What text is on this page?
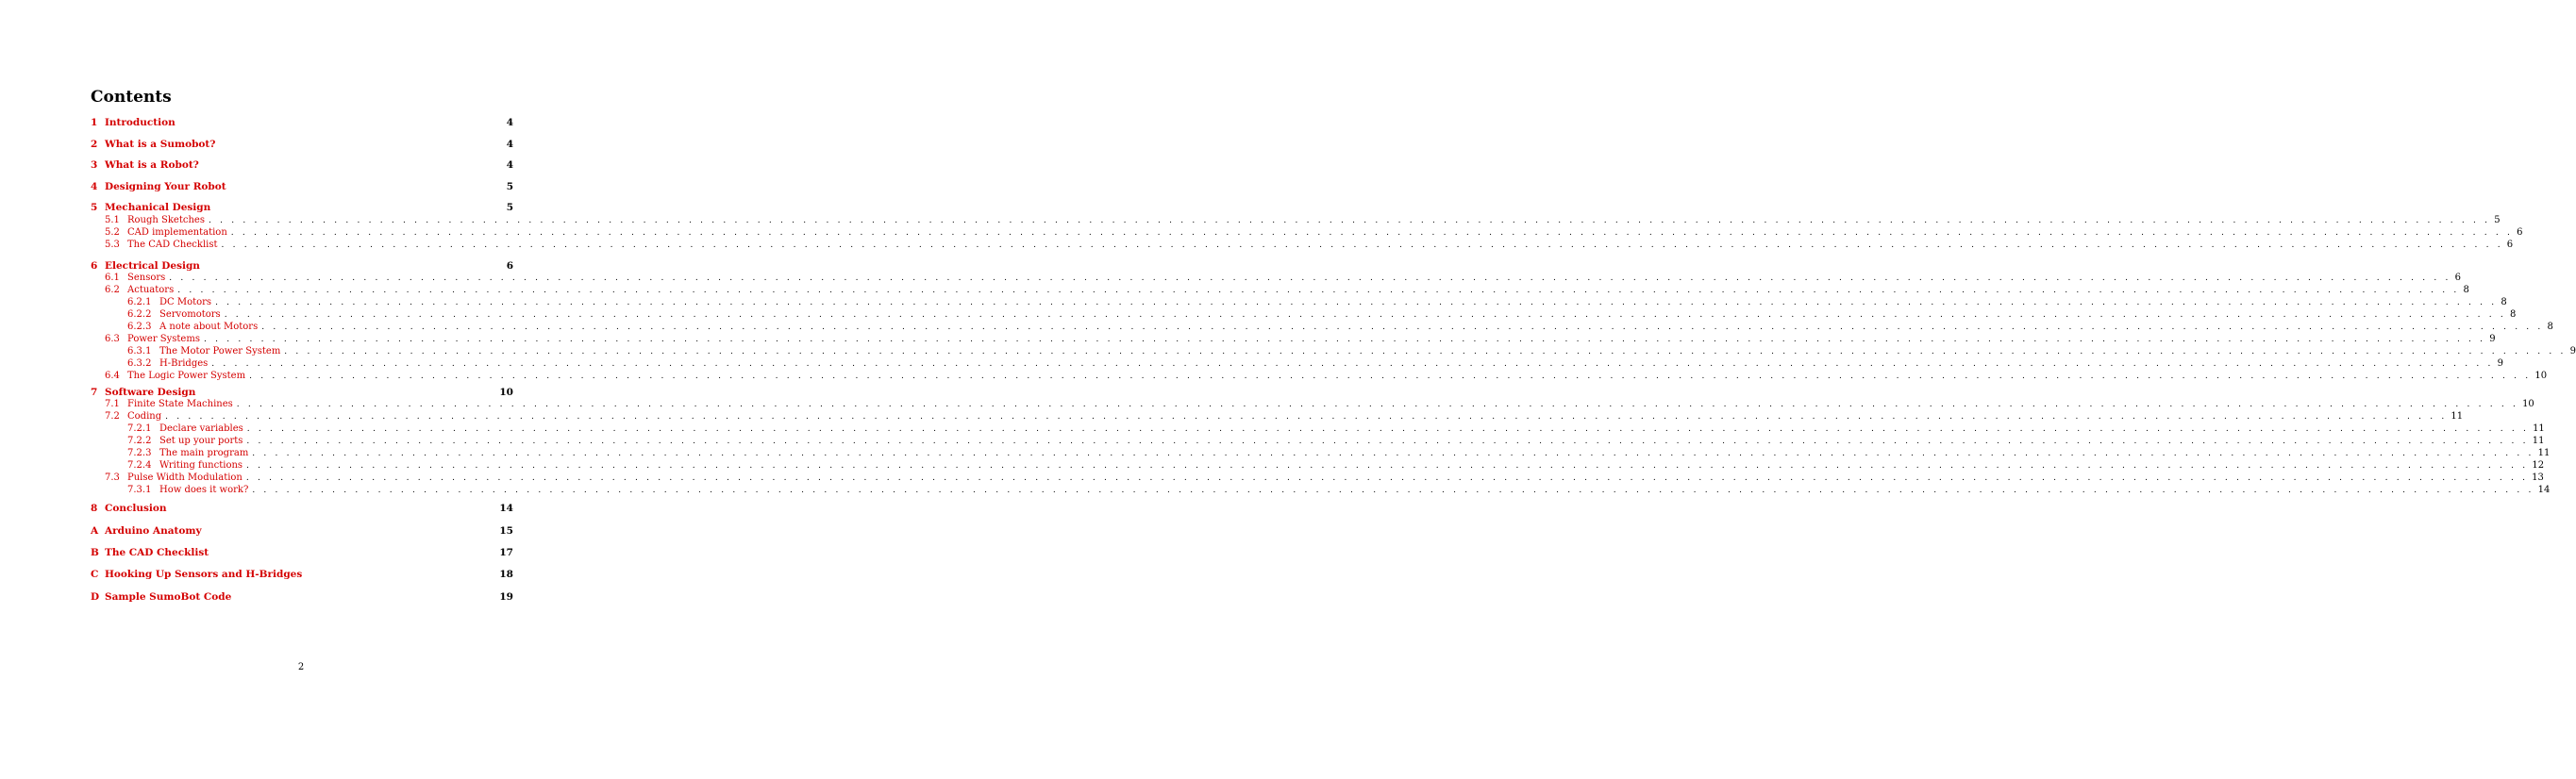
Contents
1 Introduction	4
2 What is a Sumobot?	4
3 What is a Robot?	4
4 Designing Your Robot	5
5 Mechanical Design	5
5.1 Rough Sketches . . . . . . . . . . . . . . . . . . . . . . . . . . . . . . . . . . . . . . . . . . . . . . . . . . . . . . . . . . . . . . . . . . . . . . . . . . . . . . . . . . . . . . . . . . . . . . . . . . . . . . . . . . . . . . . . . . . . . . . . . . . . . . . . . . . . . . . . . . . . . . . . . . . . . . . . . . . . . . . . . . . . . . . . . . . . . . . . . . . . . . . . . . . . . . . . . . . . . . . . 5
5.2 CAD implementation . . . . . . . . . . . . . . . . . . . . . . . . . . . . . . . . . . . . . . . . . . . . . . . . . . . . . . . . . . . . . . . . . . . . . . . . . . . . . . . . . . . . . . . . . . . . . . . . . . . . . . . . . . . . . . . . . . . . . . . . . . . . . . . . . . . . . . . . . . . . . . . . . . . . . . . . . . . . . . . . . . . . . . . . . . . . . . . . . . . . . . . . . . . . . . . . . . . . . . . . 6
5.3 The CAD Checklist . . . . . . . . . . . . . . . . . . . . . . . . . . . . . . . . . . . . . . . . . . . . . . . . . . . . . . . . . . . . . . . . . . . . . . . . . . . . . . . . . . . . . . . . . . . . . . . . . . . . . . . . . . . . . . . . . . . . . . . . . . . . . . . . . . . . . . . . . . . . . . . . . . . . . . . . . . . . . . . . . . . . . . . . . . . . . . . . . . . . . . . . . . . . . . . . . . . . . . . . 6
6 Electrical Design	6
6.1 Sensors . . . . . . . . . . . . . . . . . . . . . . . . . . . . . . . . . . . . . . . . . . . . . . . . . . . . . . . . . . . . . . . . . . . . . . . . . . . . . . . . . . . . . . . . . . . . . . . . . . . . . . . . . . . . . . . . . . . . . . . . . . . . . . . . . . . . . . . . . . . . . . . . . . . . . . . . . . . . . . . . . . . . . . . . . . . . . . . . . . . . . . . . . . . . . . . . . . . . . . . . 6
6.2 Actuators . . . . . . . . . . . . . . . . . . . . . . . . . . . . . . . . . . . . . . . . . . . . . . . . . . . . . . . . . . . . . . . . . . . . . . . . . . . . . . . . . . . . . . . . . . . . . . . . . . . . . . . . . . . . . . . . . . . . . . . . . . . . . . . . . . . . . . . . . . . . . . . . . . . . . . . . . . . . . . . . . . . . . . . . . . . . . . . . . . . . . . . . . . . . . . . . . . . . . . . . 8
6.2.1 DC Motors . . . . . . . . . . . . . . . . . . . . . . . . . . . . . . . . . . . . . . . . . . . . . . . . . . . . . . . . . . . . . . . . . . . . . . . . . . . . . . . . . . . . . . . . . . . . . . . . . . . . . . . . . . . . . . . . . . . . . . . . . . . . . . . . . . . . . . . . . . . . . . . . . . . . . . . . . . . . . . . . . . . . . . . . . . . . . . . . . . . . . . . . . . . . . . . . . . . . . . . . 8
6.2.2 Servomotors . . . . . . . . . . . . . . . . . . . . . . . . . . . . . . . . . . . . . . . . . . . . . . . . . . . . . . . . . . . . . . . . . . . . . . . . . . . . . . . . . . . . . . . . . . . . . . . . . . . . . . . . . . . . . . . . . . . . . . . . . . . . . . . . . . . . . . . . . . . . . . . . . . . . . . . . . . . . . . . . . . . . . . . . . . . . . . . . . . . . . . . . . . . . . . . . . . . . . . . . 8
6.2.3 A note about Motors . . . . . . . . . . . . . . . . . . . . . . . . . . . . . . . . . . . . . . . . . . . . . . . . . . . . . . . . . . . . . . . . . . . . . . . . . . . . . . . . . . . . . . . . . . . . . . . . . . . . . . . . . . . . . . . . . . . . . . . . . . . . . . . . . . . . . . . . . . . . . . . . . . . . . . . . . . . . . . . . . . . . . . . . . . . . . . . . . . . . . . . . . . . . . . . . . . . . . . . . 8
6.3 Power Systems . . . . . . . . . . . . . . . . . . . . . . . . . . . . . . . . . . . . . . . . . . . . . . . . . . . . . . . . . . . . . . . . . . . . . . . . . . . . . . . . . . . . . . . . . . . . . . . . . . . . . . . . . . . . . . . . . . . . . . . . . . . . . . . . . . . . . . . . . . . . . . . . . . . . . . . . . . . . . . . . . . . . . . . . . . . . . . . . . . . . . . . . . . . . . . . . . . . . . . . . 9
6.3.1 The Motor Power System . . . . . . . . . . . . . . . . . . . . . . . . . . . . . . . . . . . . . . . . . . . . . . . . . . . . . . . . . . . . . . . . . . . . . . . . . . . . . . . . . . . . . . . . . . . . . . . . . . . . . . . . . . . . . . . . . . . . . . . . . . . . . . . . . . . . . . . . . . . . . . . . . . . . . . . . . . . . . . . . . . . . . . . . . . . . . . . . . . . . . . . . . . . . . . . . . . . . . . . . 9
6.3.2 H-Bridges . . . . . . . . . . . . . . . . . . . . . . . . . . . . . . . . . . . . . . . . . . . . . . . . . . . . . . . . . . . . . . . . . . . . . . . . . . . . . . . . . . . . . . . . . . . . . . . . . . . . . . . . . . . . . . . . . . . . . . . . . . . . . . . . . . . . . . . . . . . . . . . . . . . . . . . . . . . . . . . . . . . . . . . . . . . . . . . . . . . . . . . . . . . . . . . . . . . . . . . . 9
6.4 The Logic Power System . . . . . . . . . . . . . . . . . . . . . . . . . . . . . . . . . . . . . . . . . . . . . . . . . . . . . . . . . . . . . . . . . . . . . . . . . . . . . . . . . . . . . . . . . . . . . . . . . . . . . . . . . . . . . . . . . . . . . . . . . . . . . . . . . . . . . . . . . . . . . . . . . . . . . . . . . . . . . . . . . . . . . . . . . . . . . . . . . . . . . . . . . . . . . . . . . . . . . . . . 10
7 Software Design	10
7.1 Finite State Machines . . . . . . . . . . . . . . . . . . . . . . . . . . . . . . . . . . . . . . . . . . . . . . . . . . . . . . . . . . . . . . . . . . . . . . . . . . . . . . . . . . . . . . . . . . . . . . . . . . . . . . . . . . . . . . . . . . . . . . . . . . . . . . . . . . . . . . . . . . . . . . . . . . . . . . . . . . . . . . . . . . . . . . . . . . . . . . . . . . . . . . . . . . . . . . . . . . . . . . . . 10
7.2 Coding . . . . . . . . . . . . . . . . . . . . . . . . . . . . . . . . . . . . . . . . . . . . . . . . . . . . . . . . . . . . . . . . . . . . . . . . . . . . . . . . . . . . . . . . . . . . . . . . . . . . . . . . . . . . . . . . . . . . . . . . . . . . . . . . . . . . . . . . . . . . . . . . . . . . . . . . . . . . . . . . . . . . . . . . . . . . . . . . . . . . . . . . . . . . . . . . . . . . . . . . 11
7.2.1 Declare variables . . . . . . . . . . . . . . . . . . . . . . . . . . . . . . . . . . . . . . . . . . . . . . . . . . . . . . . . . . . . . . . . . . . . . . . . . . . . . . . . . . . . . . . . . . . . . . . . . . . . . . . . . . . . . . . . . . . . . . . . . . . . . . . . . . . . . . . . . . . . . . . . . . . . . . . . . . . . . . . . . . . . . . . . . . . . . . . . . . . . . . . . . . . . . . . . . . . . . . . . 11
7.2.2 Set up your ports . . . . . . . . . . . . . . . . . . . . . . . . . . . . . . . . . . . . . . . . . . . . . . . . . . . . . . . . . . . . . . . . . . . . . . . . . . . . . . . . . . . . . . . . . . . . . . . . . . . . . . . . . . . . . . . . . . . . . . . . . . . . . . . . . . . . . . . . . . . . . . . . . . . . . . . . . . . . . . . . . . . . . . . . . . . . . . . . . . . . . . . . . . . . . . . . . . . . . . . . 11
7.2.3 The main program . . . . . . . . . . . . . . . . . . . . . . . . . . . . . . . . . . . . . . . . . . . . . . . . . . . . . . . . . . . . . . . . . . . . . . . . . . . . . . . . . . . . . . . . . . . . . . . . . . . . . . . . . . . . . . . . . . . . . . . . . . . . . . . . . . . . . . . . . . . . . . . . . . . . . . . . . . . . . . . . . . . . . . . . . . . . . . . . . . . . . . . . . . . . . . . . . . . . . . . . 11
7.2.4 Writing functions . . . . . . . . . . . . . . . . . . . . . . . . . . . . . . . . . . . . . . . . . . . . . . . . . . . . . . . . . . . . . . . . . . . . . . . . . . . . . . . . . . . . . . . . . . . . . . . . . . . . . . . . . . . . . . . . . . . . . . . . . . . . . . . . . . . . . . . . . . . . . . . . . . . . . . . . . . . . . . . . . . . . . . . . . . . . . . . . . . . . . . . . . . . . . . . . . . . . . . . . 12
7.3 Pulse Width Modulation . . . . . . . . . . . . . . . . . . . . . . . . . . . . . . . . . . . . . . . . . . . . . . . . . . . . . . . . . . . . . . . . . . . . . . . . . . . . . . . . . . . . . . . . . . . . . . . . . . . . . . . . . . . . . . . . . . . . . . . . . . . . . . . . . . . . . . . . . . . . . . . . . . . . . . . . . . . . . . . . . . . . . . . . . . . . . . . . . . . . . . . . . . . . . . . . . . . . . . . . 13
7.3.1 How does it work? . . . . . . . . . . . . . . . . . . . . . . . . . . . . . . . . . . . . . . . . . . . . . . . . . . . . . . . . . . . . . . . . . . . . . . . . . . . . . . . . . . . . . . . . . . . . . . . . . . . . . . . . . . . . . . . . . . . . . . . . . . . . . . . . . . . . . . . . . . . . . . . . . . . . . . . . . . . . . . . . . . . . . . . . . . . . . . . . . . . . . . . . . . . . . . . . . . . . . . . . 14
8 Conclusion	14
A Arduino Anatomy	15
B The CAD Checklist	17
C Hooking Up Sensors and H-Bridges	18
D Sample SumoBot Code	19
2
